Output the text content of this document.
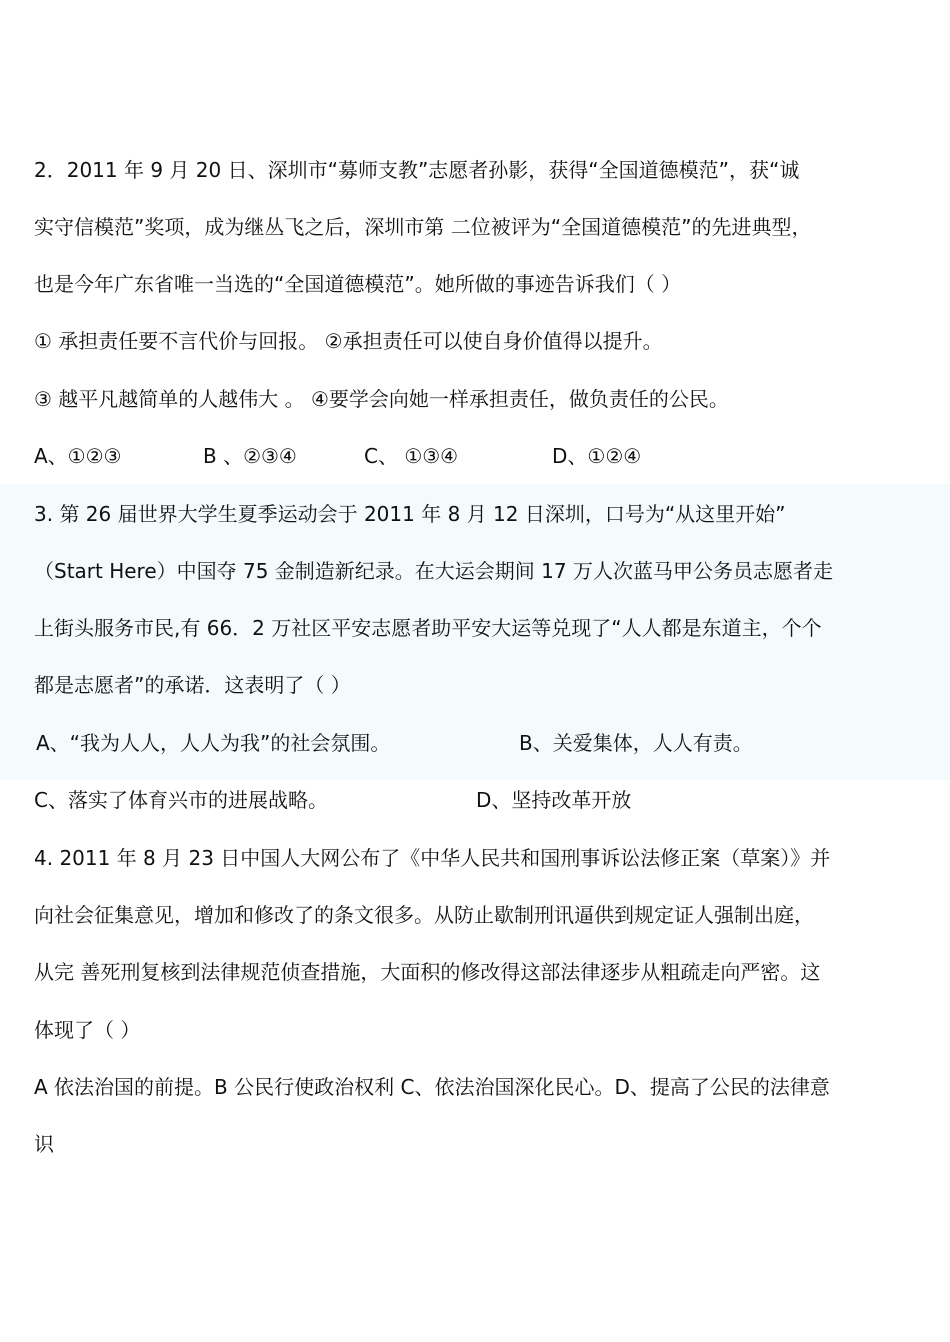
2．2011 年 9 月 20 日、深圳市“募师支教”志愿者孙影，获得“全国道德模范”，获“诚
实守信模范”奖项，成为继丛飞之后，深圳市第 二位被评为“全国道德模范”的先进典型，
也是今年广东省唯一当选的“全国道德模范”。她所做的事迹告诉我们（ ）
① 承担责任要不言代价与回报。 ②承担责任可以使自身价值得以提升。
③ 越平凡越简单的人越伟大 。 ④要学会向她一样承担责任，做负责任的公民。
A、①②③	B 、②③④	C、 ①③④	D、①②④
3. 第 26 届世界大学生夏季运动会于 2011 年 8 月 12 日深圳，口号为“从这里开始”
（Start Here）中国夺 75 金制造新纪录。在大运会期间 17 万人次蓝马甲公务员志愿者走
上街头服务市民,有 66．2 万社区平安志愿者助平安大运等兑现了“人人都是东道主，个个
都是志愿者”的承诺．这表明了（ ）
A、“我为人人，人人为我”的社会氛围。	B、关爱集体，人人有责。
C、落实了体育兴市的进展战略。	D、坚持改革开放
4. 2011 年 8 月 23 日中国人大网公布了《中华人民共和国刑事诉讼法修正案（草案）》并
向社会征集意见，增加和修改了的条文很多。从防止歇制刑讯逼供到规定证人强制出庭，
从完 善死刑复核到法律规范侦查措施，大面积的修改得这部法律逐步从粗疏走向严密。这
体现了（ ）
A 依法治国的前提。B 公民行使政治权利 C、依法治国深化民心。D、提高了公民的法律意
识
